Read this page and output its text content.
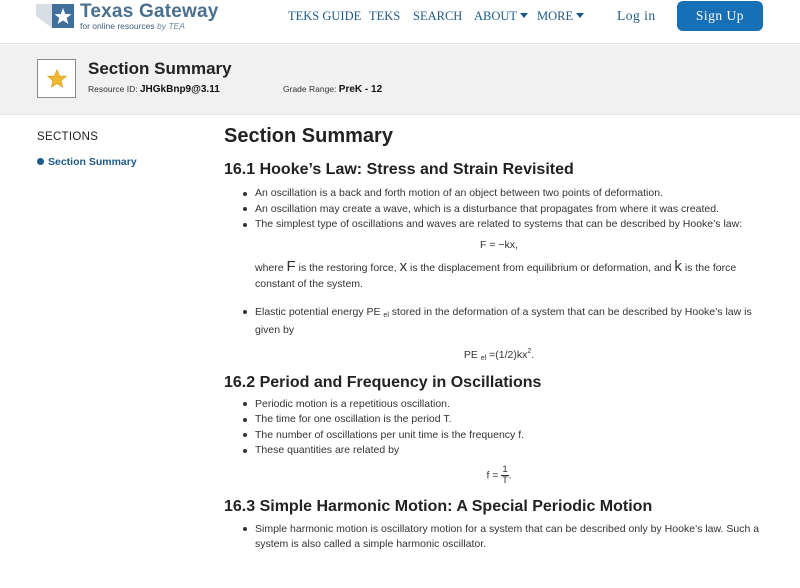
Texas Gateway
for online resources by TEA
TEKS GUIDE TEKS SEARCH ABOUT	MORE	Log in	Sign Up
Section Summary
Resource ID: JHGkBnp9@3.11	Grade Range: PreK - 12
SECTIONS
Section Summary
Section Summary
16.1 Hooke’s Law: Stress and Strain Revisited
An oscillation is a back and forth motion of an object between two points of deformation.
An oscillation may create a wave, which is a disturbance that propagates from where it was created.
The simplest type of oscillations and waves are related to systems that can be described by Hooke’s law:
F = −kx,
where F is the restoring force, x is the displacement from equilibrium or deformation, and k is the force constant of the system.
Elastic potential energy PE $_{el}$ stored in the deformation of a system that can be described by Hooke’s law is given by
PE $_{el} =(1/2)kx^2$.
16.2 Period and Frequency in Oscillations
Periodic motion is a repetitious oscillation.
The time for one oscillation is the period T.
The number of oscillations per unit time is the frequency f.
These quantities are related by
$f = \frac{1}{T}$ .
16.3 Simple Harmonic Motion: A Special Periodic Motion
Simple harmonic motion is oscillatory motion for a system that can be described only by Hooke’s law. Such a system is also called a simple harmonic oscillator.
